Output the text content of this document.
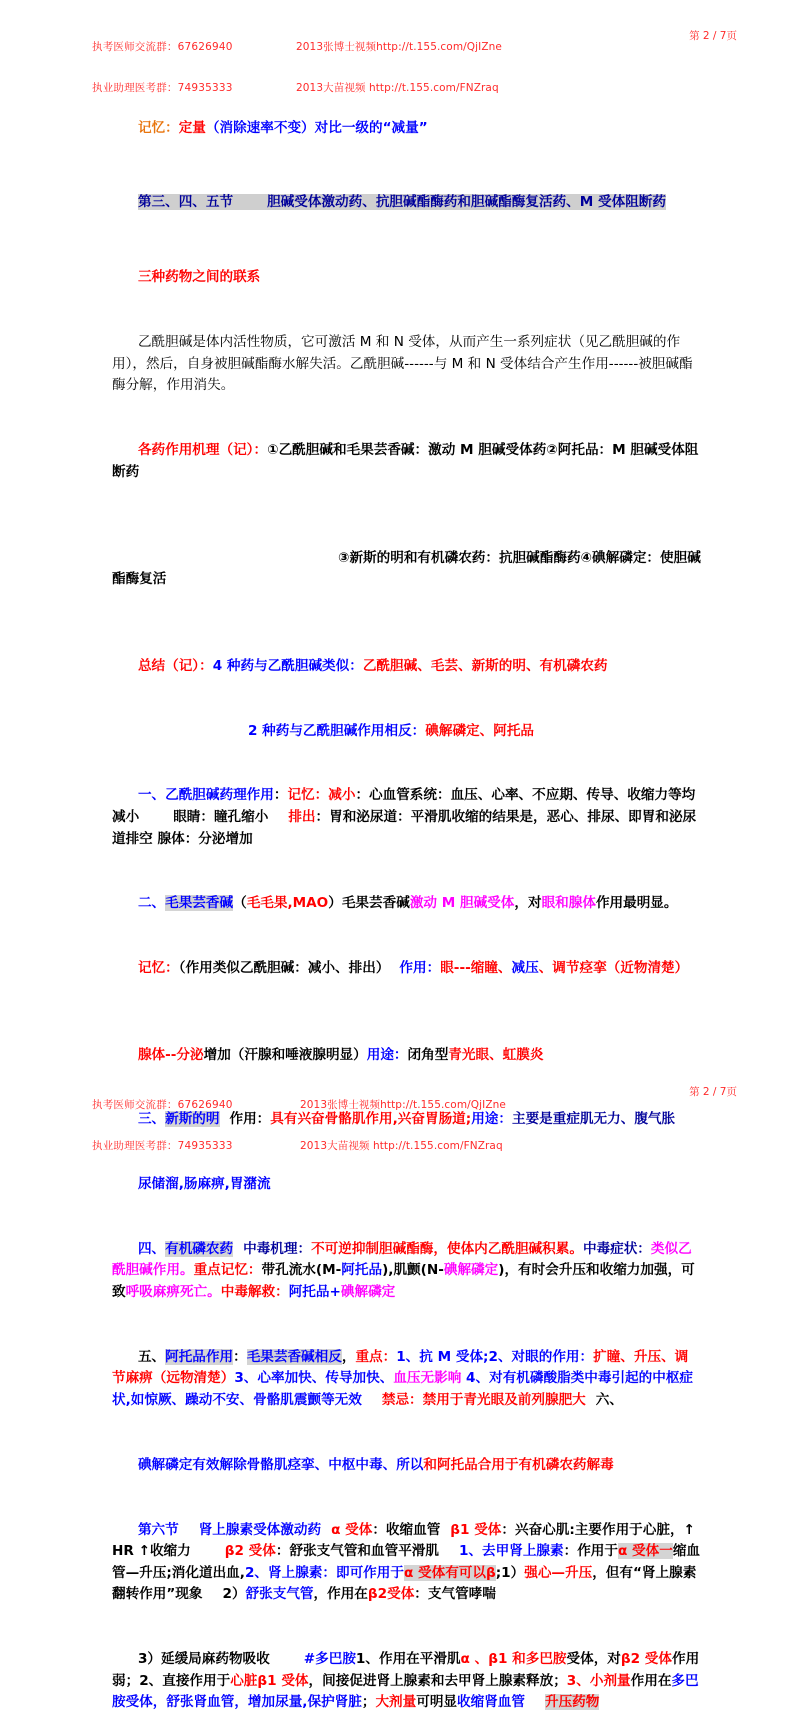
执考医师交流群：67626940

执业助理医考群：74935333

2013张博士视频http://t.155.com/QjIZne

2013大苗视频 http://t.155.com/FNZraq

第 2 / 7页

记忆：定量（消除速率不变）对比一级的“减量”

第三、四、五节	胆碱受体激动药、抗胆碱酯酶药和胆碱酯酶复活药、M 受体阻断药

三种药物之间的联系

乙酰胆碱是体内活性物质，它可激活 M 和 N 受体，从而产生一系列症状（见乙酰胆碱的作用），然后，自身被胆碱酯酶水解失活。乙酰胆碱------与 M 和 N 受体结合产生作用------被胆碱酯酶分解，作用消失。

各药作用机理（记）：①乙酰胆碱和毛果芸香碱：激动 M 胆碱受体药②阿托品：M 胆碱受体阻断药

③新斯的明和有机磷农药：抗胆碱酯酶药④碘解磷定：使胆碱酯酶复活

总结（记）：4 种药与乙酰胆碱类似：乙酰胆碱、毛芸、新斯的明、有机磷农药

2 种药与乙酰胆碱作用相反：碘解磷定、阿托品

一、乙酰胆碱药理作用：记忆：减小：心血管系统：血压、心率、不应期、传导、收缩力等均减小	眼睛：瞳孔缩小 排出：胃和泌尿道：平滑肌收缩的结果是，恶心、排尿、即胃和泌尿道排空 腺体：分泌增加

二、毛果芸香碱（毛毛果,MAO）毛果芸香碱激动 M 胆碱受体，对眼和腺体作用最明显。

记忆：（作用类似乙酰胆碱：减小、排出） 作用：眼---缩瞳、减压、调节痉挛（近物清楚）

腺体--分泌增加（汗腺和唾液腺明显）用途：闭角型青光眼、虹膜炎

三、新斯的明 作用：具有兴奋骨骼肌作用,兴奋胃肠道;用途：主要是重症肌无力、腹气胀

尿储溜,肠麻痹,胃潴流

四、有机磷农药 中毒机理：不可逆抑制胆碱酯酶，使体内乙酰胆碱积累。中毒症状：类似乙酰胆碱作用。重点记忆：带孔流水(M-阿托品),肌颤(N-碘解磷定)，有时会升压和收缩力加强，可致呼吸麻痹死亡。中毒解救：阿托品+碘解磷定

五、阿托品作用：毛果芸香碱相反，重点：1、抗 M 受体;2、对眼的作用：扩瞳、升压、调节麻痹（远物清楚）3、心率加快、传导加快、血压无影响 4、对有机磷酸脂类中毒引起的中枢症状,如惊厥、躁动不安、骨骼肌震颤等无效 禁忌：禁用于青光眼及前列腺肥大 六、

碘解磷定有效解除骨骼肌痉挛、中枢中毒、所以和阿托品合用于有机磷农药解毒

第六节 肾上腺素受体激动药 α 受体：收缩血管 β1 受体：兴奋心肌:主要作用于心脏，↑HR ↑收缩力	β2 受体：舒张支气管和血管平滑肌 1、去甲肾上腺素：作用于α 受体一缩血管—升压;消化道出血,2、肾上腺素：即可作用于α 受体有可以β;1）强心—升压，但有“肾上腺素翻转作用”现象 2）舒张支气管，作用在β2受体：支气管哮喘

3）延缓局麻药物吸收	#多巴胺1、作用在平滑肌α 、β1 和多巴胺受体，对β2 受体作用弱；2、直接作用于心脏β1 受体，间接促进肾上腺素和去甲肾上腺素释放；3、小剂量作用在多巴胺受体，舒张肾血管，增加尿量,保护肾脏；大剂量可明显收缩肾血管 升压药物

执考医师交流群：67626940

执业助理医考群：74935333

2013张博士视频http://t.155.com/QjIZne

2013大苗视频 http://t.155.com/FNZraq

第 2 / 7页
